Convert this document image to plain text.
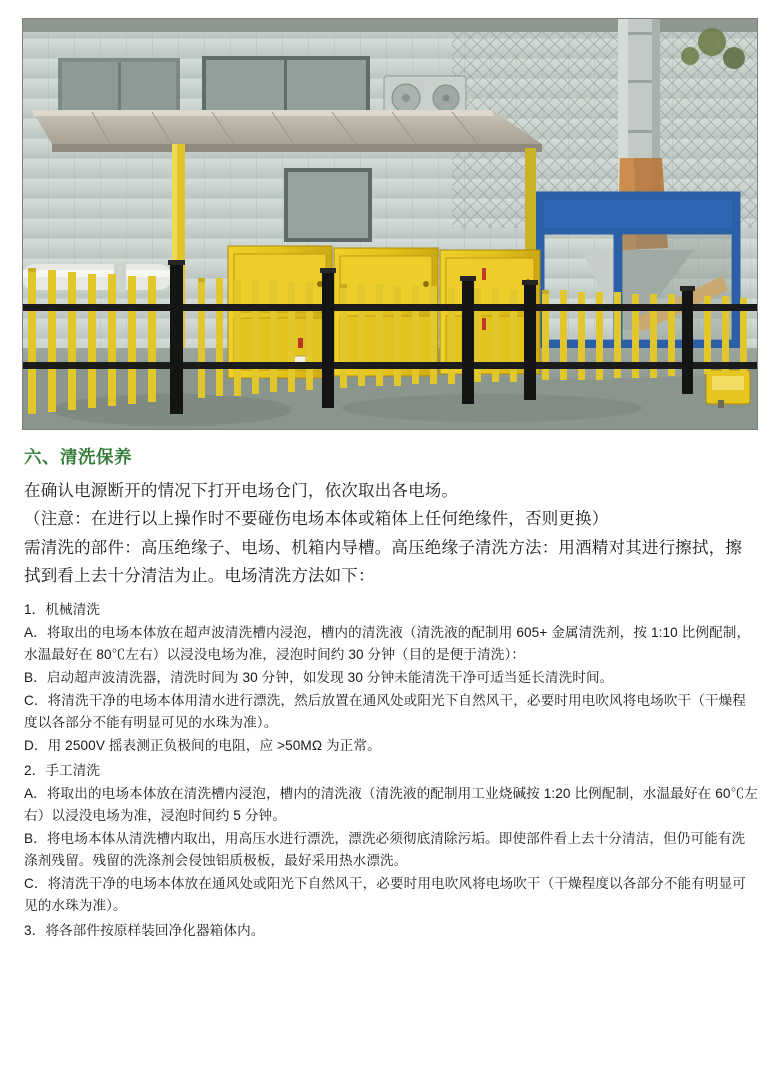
六、清洗保养

在确认电源断开的情况下打开电场仓门，依次取出各电场。

（注意：在进行以上操作时不要碰伤电场本体或箱体上任何绝缘件，否则更换）

需清洗的部件：高压绝缘子、电场、机箱内导槽。高压绝缘子清洗方法：用酒精对其进行擦拭，擦拭到看上去十分清洁为止。电场清洗方法如下：

1．机械清洗
A．将取出的电场本体放在超声波清洗槽内浸泡，槽内的清洗液（清洗液的配制用 605+ 金属清洗剂，按 1:10 比例配制，水温最好在 80℃左右）以浸没电场为准，浸泡时间约 30 分钟（目的是便于清洗）：
B．启动超声波清洗器，清洗时间为 30 分钟，如发现 30 分钟未能清洗干净可适当延长清洗时间。
C．将清洗干净的电场本体用清水进行漂洗，然后放置在通风处或阳光下自然风干，必要时用电吹风将电场吹干（干燥程度以各部分不能有明显可见的水珠为准）。
D．用 2500V 摇表测正负极间的电阻，应 >50MΩ 为正常。
2．手工清洗
A．将取出的电场本体放在清洗槽内浸泡，槽内的清洗液（清洗液的配制用工业烧碱按 1:20 比例配制，水温最好在 60℃左右）以浸没电场为准，浸泡时间约 5 分钟。
B．将电场本体从清洗槽内取出，用高压水进行漂洗，漂洗必须彻底清除污垢。即使部件看上去十分清洁，但仍可能有洗涤剂残留。残留的洗涤剂会侵蚀铝质极板，最好采用热水漂洗。
C．将清洗干净的电场本体放在通风处或阳光下自然风干，必要时用电吹风将电场吹干（干燥程度以各部分不能有明显可见的水珠为准）。
3．将各部件按原样装回净化器箱体内。
